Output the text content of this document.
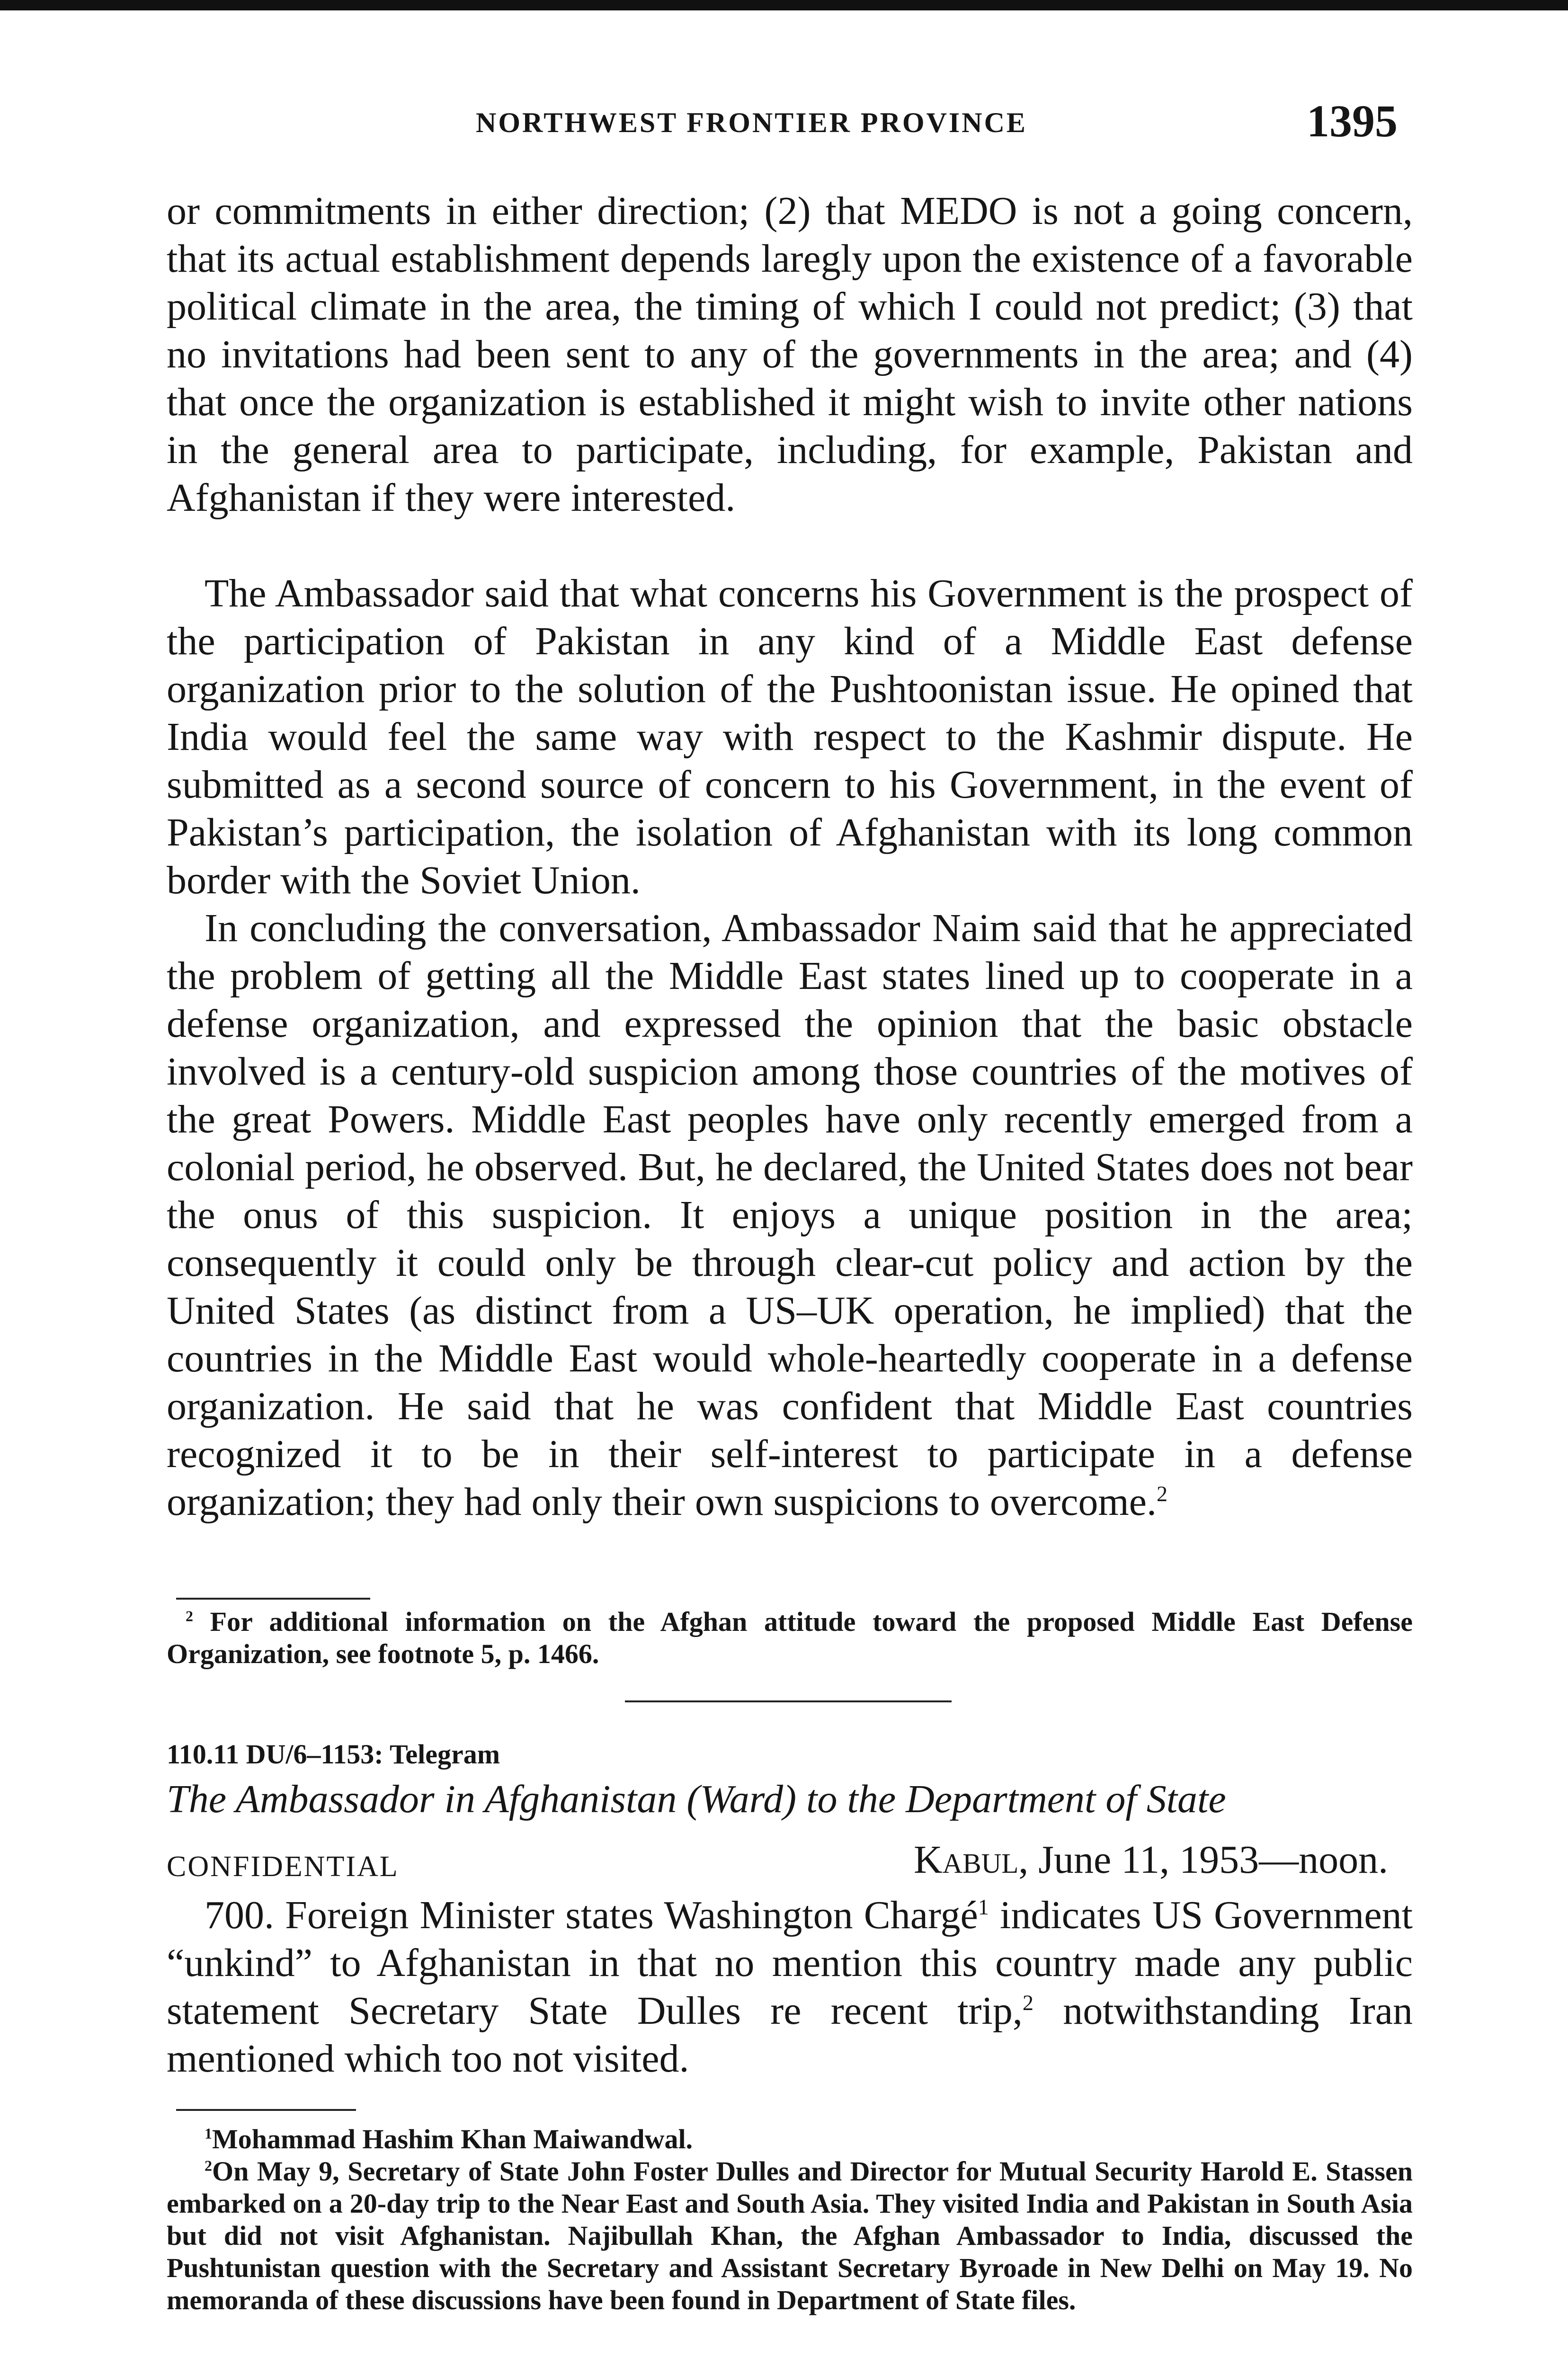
NORTHWEST FRONTIER PROVINCE	1395

or commitments in either direction; (2) that MEDO is not a going concern, that its actual establishment depends laregly upon the existence of a favorable political climate in the area, the timing of which I could not predict; (3) that no invitations had been sent to any of the governments in the area; and (4) that once the organization is established it might wish to invite other nations in the general area to participate, including, for example, Pakistan and Afghanistan if they were interested.

The Ambassador said that what concerns his Government is the prospect of the participation of Pakistan in any kind of a Middle East defense organization prior to the solution of the Pushtoonistan issue. He opined that India would feel the same way with respect to the Kashmir dispute. He submitted as a second source of concern to his Government, in the event of Pakistan’s participation, the isolation of Afghanistan with its long common border with the Soviet Union.

In concluding the conversation, Ambassador Naim said that he appreciated the problem of getting all the Middle East states lined up to cooperate in a defense organization, and expressed the opinion that the basic obstacle involved is a century-old suspicion among those countries of the motives of the great Powers. Middle East peoples have only recently emerged from a colonial period, he observed. But, he declared, the United States does not bear the onus of this suspicion. It enjoys a unique position in the area; consequently it could only be through clear-cut policy and action by the United States (as distinct from a US–UK operation, he implied) that the countries in the Middle East would whole-heartedly cooperate in a defense organization. He said that he was confident that Middle East countries recognized it to be in their self-interest to participate in a defense organization; they had only their own suspicions to overcome.$^2$

$^2$ For additional information on the Afghan attitude toward the proposed Middle East Defense Organization, see footnote 5, p. 1466.

110.11 DU/6–1153: Telegram
The Ambassador in Afghanistan (Ward) to the Department of State
CONFIDENTIAL	Kabul, June 11, 1953—noon.

700. Foreign Minister states Washington Chargé$^1$ indicates US Government “unkind” to Afghanistan in that no mention this country made any public statement Secretary State Dulles re recent trip,$^2$ notwithstanding Iran mentioned which too not visited.

$^1$Mohammad Hashim Khan Maiwandwal.

$^2$On May 9, Secretary of State John Foster Dulles and Director for Mutual Security Harold E. Stassen embarked on a 20-day trip to the Near East and South Asia. They visited India and Pakistan in South Asia but did not visit Afghanistan. Najibullah Khan, the Afghan Ambassador to India, discussed the Pushtunistan question with the Secretary and Assistant Secretary Byroade in New Delhi on May 19. No memoranda of these discussions have been found in Department of State files.
